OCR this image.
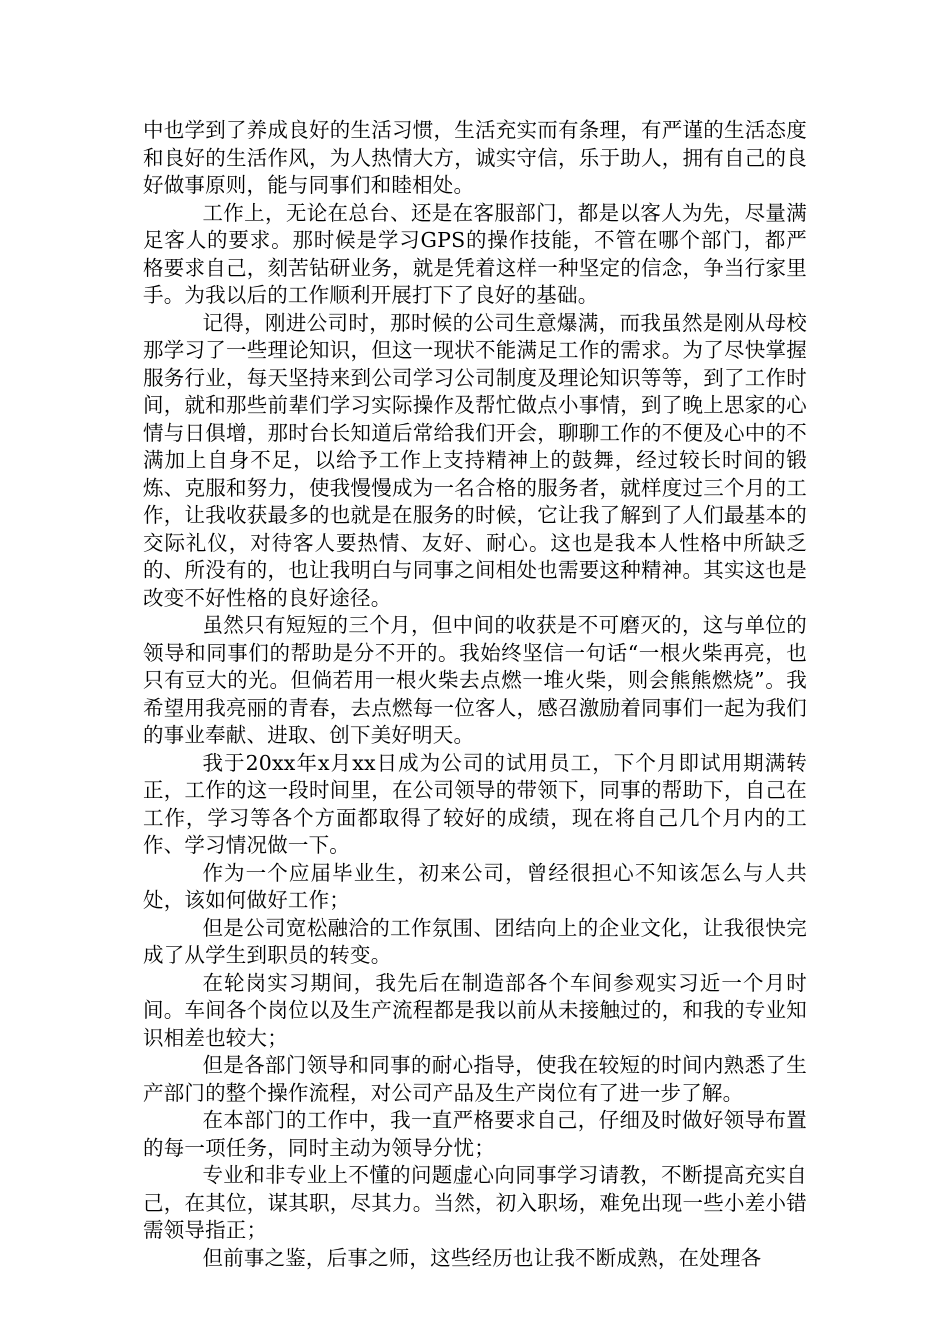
中也学到了养成良好的生活习惯，生活充实而有条理，有严谨的生活态度和良好的生活作风，为人热情大方，诚实守信，乐于助人，拥有自己的良好做事原则，能与同事们和睦相处。

工作上，无论在总台、还是在客服部门，都是以客人为先，尽量满足客人的要求。那时候是学习GPS的操作技能，不管在哪个部门，都严格要求自己，刻苦钻研业务，就是凭着这样一种坚定的信念，争当行家里手。为我以后的工作顺利开展打下了良好的基础。

记得，刚进公司时，那时候的公司生意爆满，而我虽然是刚从母校那学习了一些理论知识，但这一现状不能满足工作的需求。为了尽快掌握服务行业，每天坚持来到公司学习公司制度及理论知识等等，到了工作时间，就和那些前辈们学习实际操作及帮忙做点小事情，到了晚上思家的心情与日俱增，那时台长知道后常给我们开会，聊聊工作的不便及心中的不满加上自身不足，以给予工作上支持精神上的鼓舞，经过较长时间的锻炼、克服和努力，使我慢慢成为一名合格的服务者，就样度过三个月的工作，让我收获最多的也就是在服务的时候，它让我了解到了人们最基本的交际礼仪，对待客人要热情、友好、耐心。这也是我本人性格中所缺乏的、所没有的，也让我明白与同事之间相处也需要这种精神。其实这也是改变不好性格的良好途径。

虽然只有短短的三个月，但中间的收获是不可磨灭的，这与单位的领导和同事们的帮助是分不开的。我始终坚信一句话“一根火柴再亮，也只有豆大的光。但倘若用一根火柴去点燃一堆火柴，则会熊熊燃烧”。我希望用我亮丽的青春，去点燃每一位客人，感召激励着同事们一起为我们的事业奉献、进取、创下美好明天。

我于20xx年x月xx日成为公司的试用员工，下个月即试用期满转正，工作的这一段时间里，在公司领导的带领下，同事的帮助下，自己在工作，学习等各个方面都取得了较好的成绩，现在将自己几个月内的工作、学习情况做一下。

作为一个应届毕业生，初来公司，曾经很担心不知该怎么与人共处，该如何做好工作；

但是公司宽松融洽的工作氛围、团结向上的企业文化，让我很快完成了从学生到职员的转变。

在轮岗实习期间，我先后在制造部各个车间参观实习近一个月时间。车间各个岗位以及生产流程都是我以前从未接触过的，和我的专业知识相差也较大；

但是各部门领导和同事的耐心指导，使我在较短的时间内熟悉了生产部门的整个操作流程，对公司产品及生产岗位有了进一步了解。

在本部门的工作中，我一直严格要求自己，仔细及时做好领导布置的每一项任务，同时主动为领导分忧；

专业和非专业上不懂的问题虚心向同事学习请教，不断提高充实自己，在其位，谋其职，尽其力。当然，初入职场，难免出现一些小差小错需领导指正；

但前事之鉴，后事之师，这些经历也让我不断成熟，在处理各
